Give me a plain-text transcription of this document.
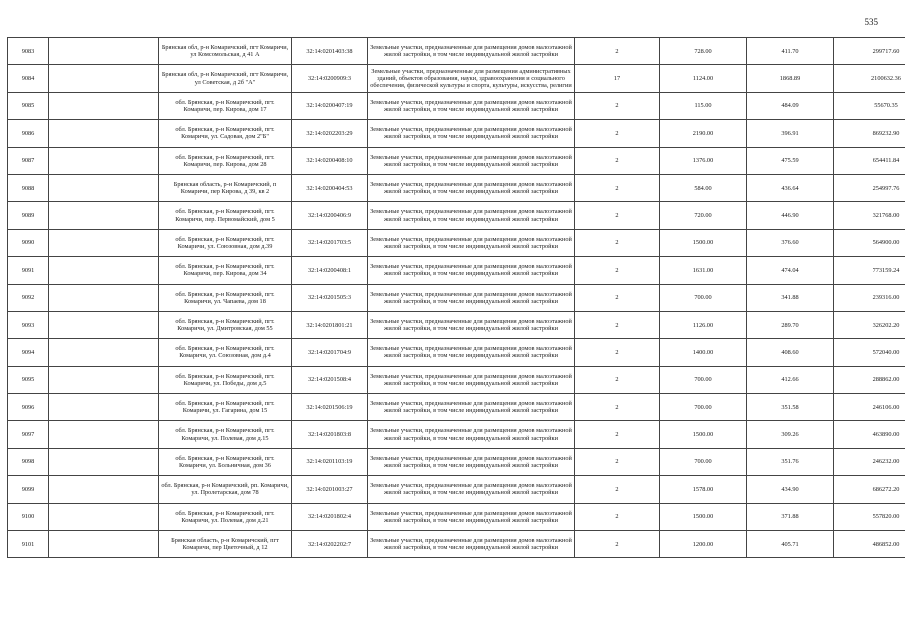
535
9083		Брянская обл, р-н Комаричский, пгт Комаричи, ул Комсомольская, д 41 А	32:14:0201403:38	Земельные участки, предназначенные для размещения домов малоэтажной жилой застройки, в том числе индивидуальной жилой застройки	2	728.00	411.70	299717.60
9084		Брянская обл, р-н Комаричский, пгт Комаричи, ул Советская, д 2б "А"	32:14:0200909:3	Земельные участки, предназначенные для размещения административных зданий, объектов образования, науки, здравоохранения и социального обеспечения, физической культуры и спорта, культуры, искусства, религии	17	1124.00	1868.89	2100632.36
9085		обл. Брянская, р-н Комаричский, пгт. Комаричи, пер. Кирова, дом 17	32:14:0200407:19	Земельные участки, предназначенные для размещения домов малоэтажной жилой застройки, в том числе индивидуальной жилой застройки	2	115.00	484.09	55670.35
9086		обл. Брянская, р-н Комаричский, пгт. Комаричи, ул. Садовая, дом 2"Б"	32:14:0202203:29	Земельные участки, предназначенные для размещения домов малоэтажной жилой застройки, в том числе индивидуальной жилой застройки	2	2190.00	396.91	869232.90
9087		обл. Брянская, р-н Комаричский, пгт. Комаричи, пер. Кирова, дом 28	32:14:0200408:10	Земельные участки, предназначенные для размещения домов малоэтажной жилой застройки, в том числе индивидуальной жилой застройки	2	1376.00	475.59	654411.84
9088		Брянская область, р-н Комаричский, п Комаричи, пер Кирова, д 39, кв 2	32:14:0200404:53	Земельные участки, предназначенные для размещения домов малоэтажной жилой застройки, в том числе индивидуальной жилой застройки	2	584.00	436.64	254997.76
9089		обл. Брянская, р-н Комаричский, пгт. Комаричи, пер. Первомайский, дом 5	32:14:0200406:9	Земельные участки, предназначенные для размещения домов малоэтажной жилой застройки, в том числе индивидуальной жилой застройки	2	720.00	446.90	321768.00
9090		обл. Брянская, р-н Комаричский, пгт. Комаричи, ул. Союзовная, дом д.39	32:14:0201703:5	Земельные участки, предназначенные для размещения домов малоэтажной жилой застройки, в том числе индивидуальной жилой застройки	2	1500.00	376.60	564900.00
9091		обл. Брянская, р-н Комаричский, пгт. Комаричи, пер. Кирова, дом 34	32:14:0200408:1	Земельные участки, предназначенные для размещения домов малоэтажной жилой застройки, в том числе индивидуальной жилой застройки	2	1631.00	474.04	773159.24
9092		обл. Брянская, р-н Комаричский, пгт. Комаричи, ул. Чапаева, дом 18	32:14:0201505:3	Земельные участки, предназначенные для размещения домов малоэтажной жилой застройки, в том числе индивидуальной жилой застройки	2	700.00	341.88	239316.00
9093		обл. Брянская, р-н Комаричский, пгт. Комаричи, ул. Дмитровская, дом 55	32:14:0201801:21	Земельные участки, предназначенные для размещения домов малоэтажной жилой застройки, в том числе индивидуальной жилой застройки	2	1126.00	289.70	326202.20
9094		обл. Брянская, р-н Комаричский, пгт. Комаричи, ул. Союзовная, дом д.4	32:14:0201704:9	Земельные участки, предназначенные для размещения домов малоэтажной жилой застройки, в том числе индивидуальной жилой застройки	2	1400.00	408.60	572040.00
9095		обл. Брянская, р-н Комаричский, пгт. Комаричи, ул. Победы, дом д.5	32:14:0201508:4	Земельные участки, предназначенные для размещения домов малоэтажной жилой застройки, в том числе индивидуальной жилой застройки	2	700.00	412.66	288862.00
9096		обл. Брянская, р-н Комаричский, пгт. Комаричи, ул. Гагарина, дом 15	32:14:0201506:19	Земельные участки, предназначенные для размещения домов малоэтажной жилой застройки, в том числе индивидуальной жилой застройки	2	700.00	351.58	246106.00
9097		обл. Брянская, р-н Комаричский, пгт. Комаричи, ул. Полевая, дом д.15	32:14:0201803:8	Земельные участки, предназначенные для размещения домов малоэтажной жилой застройки, в том числе индивидуальной жилой застройки	2	1500.00	309.26	463890.00
9098		обл. Брянская, р-н Комаричский, пгт. Комаричи, ул. Больничная, дом 36	32:14:0201103:19	Земельные участки, предназначенные для размещения домов малоэтажной жилой застройки, в том числе индивидуальной жилой застройки	2	700.00	351.76	246232.00
9099		обл. Брянская, р-н Комаричский, рп. Комаричи, ул. Пролетарская, дом 78	32:14:0201003:27	Земельные участки, предназначенные для размещения домов малоэтажной жилой застройки, в том числе индивидуальной жилой застройки	2	1578.00	434.90	686272.20
9100		обл. Брянская, р-н Комаричский, пгт. Комаричи, ул. Полевая, дом д.21	32:14:0201802:4	Земельные участки, предназначенные для размещения домов малоэтажной жилой застройки, в том числе индивидуальной жилой застройки	2	1500.00	371.88	557820.00
9101		Брянская область, р-н Комаричский, пгт Комаричи, пер Цветочный, д 12	32:14:0202202:7	Земельные участки, предназначенные для размещения домов малоэтажной жилой застройки, в том числе индивидуальной жилой застройки	2	1200.00	405.71	486852.00
